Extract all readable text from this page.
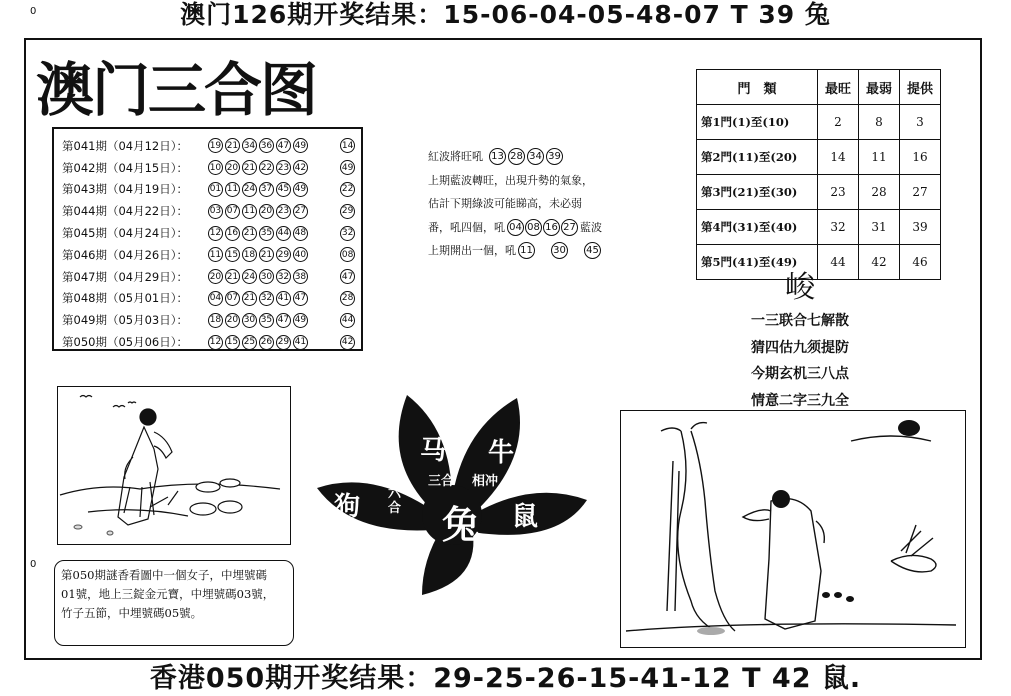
澳门126期开奖结果：15-06-04-05-48-07 T 39 兔
0
0
澳门三合图
第041期（04月12日）：	19 21 34 36 47 49	14
第042期（04月15日）：	10 20 21 22 23 42	49
第043期（04月19日）：	01 11 24 37 45 49	22
第044期（04月22日）：	03 07 11 20 23 27	29
第045期（04月24日）：	12 16 21 35 44 48	32
第046期（04月26日）：	11 15 18 21 29 40	08
第047期（04月29日）：	20 21 24 30 32 38	47
第048期（05月01日）：	04 07 21 32 41 47	28
第049期（05月03日）：	18 20 30 35 47 49	44
第050期（05月06日）：	12 15 25 26 29 41	42
紅波將旺吼 13 28 34 39
上期藍波轉旺，出現升勢的氣象，
估計下期綠波可能睇高，未必弱
番，吼四個，吼 04 08 16 27 藍波
上期開出一個，吼 11 30 45
門　類	最旺	最弱	提供
第1門(1)至(10)	2	8	3
第2門(11)至(20)	14	11	16
第3門(21)至(30)	23	28	27
第4門(31)至(40)	32	31	39
第5門(41)至(49)	44	42	46
峻
一三联合七解散
猜四估九须提防
今期玄机三八点
情意二字三九全
第050期謎香看圖中一個女子，中埋號碼
01號，地上三錠金元寶，中埋號碼03號，
竹子五節，中埋號碼05號。
马 牛
三合 相冲
狗 六合 兔 鼠
香港050期开奖结果：29-25-26-15-41-12 T 42 鼠.
